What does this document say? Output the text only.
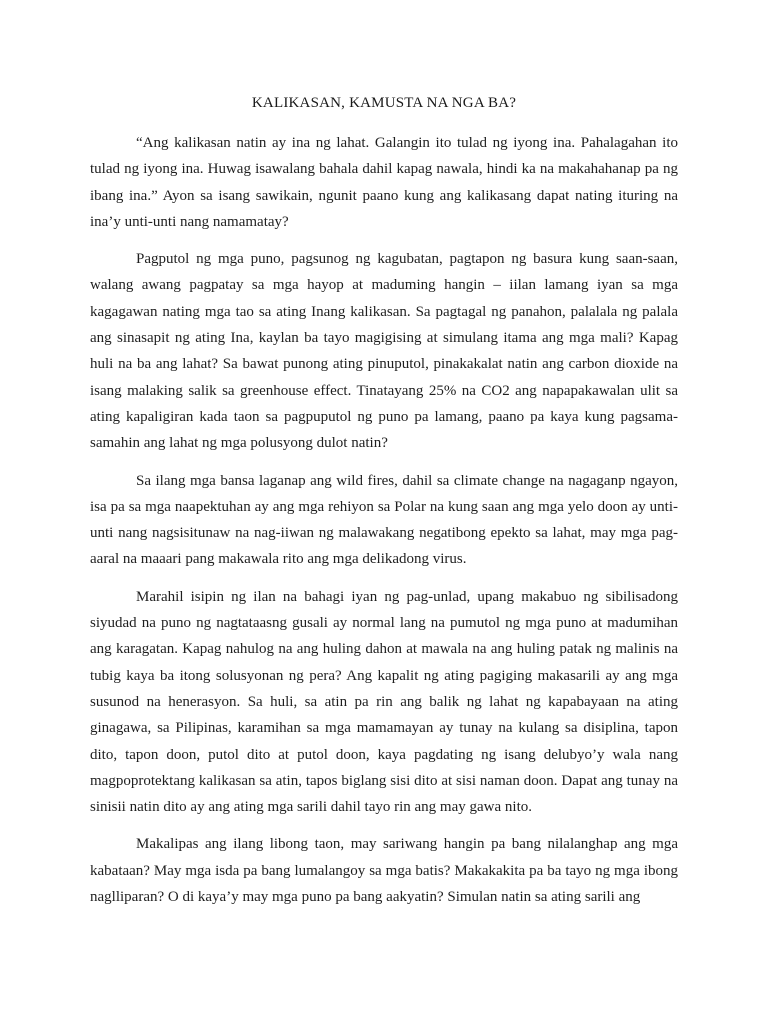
KALIKASAN, KAMUSTA NA NGA BA?

“Ang kalikasan natin ay ina ng lahat. Galangin ito tulad ng iyong ina. Pahalagahan ito tulad ng iyong ina. Huwag isawalang bahala dahil kapag nawala, hindi ka na makahahanap pa ng ibang ina.” Ayon sa isang sawikain, ngunit paano kung ang kalikasang dapat nating ituring na ina’y unti-unti nang namamatay?

Pagputol ng mga puno, pagsunog ng kagubatan, pagtapon ng basura kung saan-saan, walang awang pagpatay sa mga hayop at maduming hangin – iilan lamang iyan sa mga kagagawan nating mga tao sa ating Inang kalikasan. Sa pagtagal ng panahon, palalala ng palala ang sinasapit ng ating Ina, kaylan ba tayo magigising at simulang itama ang mga mali? Kapag huli na ba ang lahat? Sa bawat punong ating pinuputol, pinakakalat natin ang carbon dioxide na isang malaking salik sa greenhouse effect. Tinatayang 25% na CO2 ang napapakawalan ulit sa ating kapaligiran kada taon sa pagpuputol ng puno pa lamang, paano pa kaya kung pagsama-samahin ang lahat ng mga polusyong dulot natin?

Sa ilang mga bansa laganap ang wild fires, dahil sa climate change na nagaganp ngayon, isa pa sa mga naapektuhan ay ang mga rehiyon sa Polar na kung saan ang mga yelo doon ay unti-unti nang nagsisitunaw na nag-iiwan ng malawakang negatibong epekto sa lahat, may mga pag-aaral na maaari pang makawala rito ang mga delikadong virus.

Marahil isipin ng ilan na bahagi iyan ng pag-unlad, upang makabuo ng sibilisadong siyudad na puno ng nagtataasng gusali ay normal lang na pumutol ng mga puno at madumihan ang karagatan. Kapag nahulog na ang huling dahon at mawala na ang huling patak ng malinis na tubig kaya ba itong solusyonan ng pera? Ang kapalit ng ating pagiging makasarili ay ang mga susunod na henerasyon. Sa huli, sa atin pa rin ang balik ng lahat ng kapabayaan na ating ginagawa, sa Pilipinas, karamihan sa mga mamamayan ay tunay na kulang sa disiplina, tapon dito, tapon doon, putol dito at putol doon, kaya pagdating ng isang delubyo’y wala nang magpoprotektang kalikasan sa atin, tapos biglang sisi dito at sisi naman doon. Dapat ang tunay na sinisii natin dito ay ang ating mga sarili dahil tayo rin ang may gawa nito.

Makalipas ang ilang libong taon, may sariwang hangin pa bang nilalanghap ang mga kabataan? May mga isda pa bang lumalangoy sa mga batis? Makakakita pa ba tayo ng mga ibong naglliparan? O di kaya’y may mga puno pa bang aakyatin? Simulan natin sa ating sarili ang
